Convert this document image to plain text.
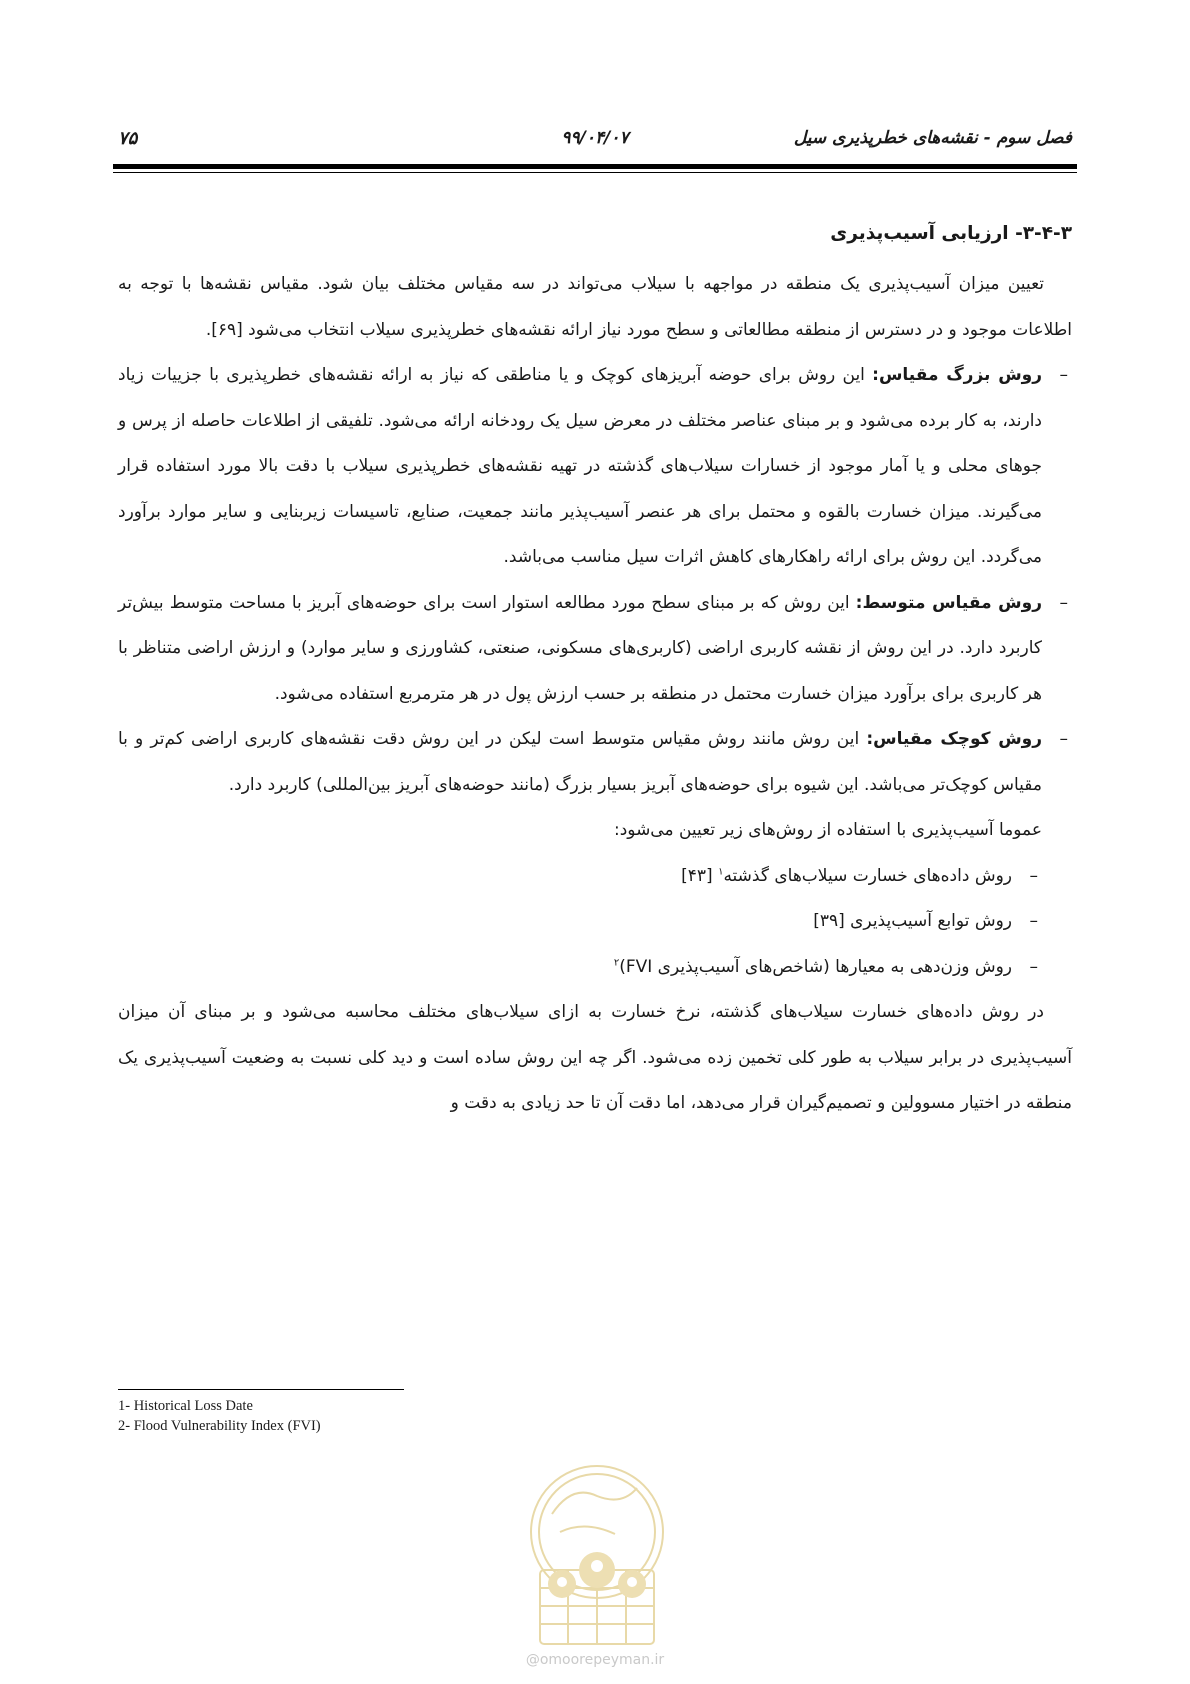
فصل سوم - نقشه‌های خطرپذیری سیل
۹۹/۰۴/۰۷
۷۵
۳-۴-۳- ارزیابی آسیب‌پذیری

تعیین میزان آسیب‌پذیری یک منطقه در مواجهه با سیلاب می‌تواند در سه مقیاس مختلف بیان شود. مقیاس نقشه‌ها با توجه به اطلاعات موجود و در دسترس از منطقه مطالعاتی و سطح مورد نیاز ارائه نقشه‌های خطرپذیری سیلاب انتخاب می‌شود [۶۹].

– روش بزرگ مقیاس: این روش برای حوضه آبریزهای کوچک و یا مناطقی که نیاز به ارائه نقشه‌های خطرپذیری با جزییات زیاد دارند، به کار برده می‌شود و بر مبنای عناصر مختلف در معرض سیل یک رودخانه ارائه می‌شود. تلفیقی از اطلاعات حاصله از پرس و جوهای محلی و یا آمار موجود از خسارات سیلاب‌های گذشته در تهیه نقشه‌های خطرپذیری سیلاب با دقت بالا مورد استفاده قرار می‌گیرند. میزان خسارت بالقوه و محتمل برای هر عنصر آسیب‌پذیر مانند جمعیت، صنایع، تاسیسات زیربنایی و سایر موارد برآورد می‌گردد. این روش برای ارائه راهکارهای کاهش اثرات سیل مناسب می‌باشد.
– روش مقیاس متوسط: این روش که بر مبنای سطح مورد مطالعه استوار است برای حوضه‌های آبریز با مساحت متوسط بیش‌تر کاربرد دارد. در این روش از نقشه کاربری اراضی (کاربری‌های مسکونی، صنعتی، کشاورزی و سایر موارد) و ارزش اراضی متناظر با هر کاربری برای برآورد میزان خسارت محتمل در منطقه بر حسب ارزش پول در هر مترمربع استفاده می‌شود.
– روش کوچک مقیاس: این روش مانند روش مقیاس متوسط است لیکن در این روش دقت نقشه‌های کاربری اراضی کم‌تر و با مقیاس کوچک‌تر می‌باشد. این شیوه برای حوضه‌های آبریز بسیار بزرگ (مانند حوضه‌های آبریز بین‌المللی) کاربرد دارد.

عموما آسیب‌پذیری با استفاده از روش‌های زیر تعیین می‌شود:

– روش داده‌های خسارت سیلاب‌های گذشته$^۱$ [۴۳]
– روش توابع آسیب‌پذیری [۳۹]
– روش وزن‌دهی به معیارها (شاخص‌های آسیب‌پذیری FVI)$^۲$

در روش داده‌های خسارت سیلاب‌های گذشته، نرخ خسارت به ازای سیلاب‌های مختلف محاسبه می‌شود و بر مبنای آن میزان آسیب‌پذیری در برابر سیلاب به طور کلی تخمین زده می‌شود. اگر چه این روش ساده است و دید کلی نسبت به وضعیت آسیب‌پذیری یک منطقه در اختیار مسوولین و تصمیم‌گیران قرار می‌دهد، اما دقت آن تا حد زیادی به دقت و

1- Historical Loss Date
2- Flood Vulnerability Index (FVI)
@omoorepeyman.ir
